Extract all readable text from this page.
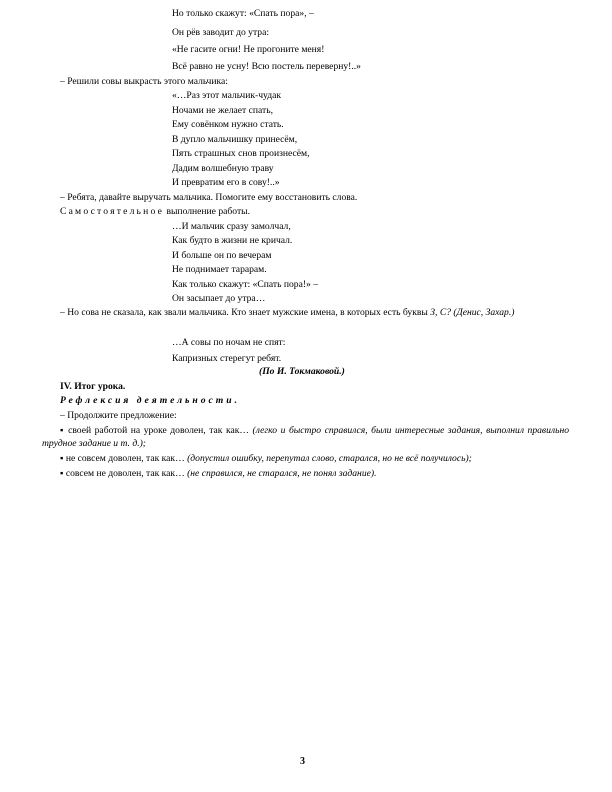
Но только скажут: «Спать пора», –
Он рёв заводит до утра:
«Не гасите огни! Не прогоните меня!
Всё равно не усну! Всю постель переверну!..»
– Решили совы выкрасть этого мальчика:
«…Раз этот мальчик-чудак
Ночами не желает спать,
Ему совёнком нужно стать.
В дупло мальчишку принесём,
Пять страшных снов произнесём,
Дадим волшебную траву
И превратим его в сову!..»
– Ребята, давайте выручать мальчика. Помогите ему восстановить слова.
Самостоятельное выполнение работы.
…И мальчик сразу замолчал,
Как будто в жизни не кричал.
И больше он по вечерам
Не поднимает тарарам.
Как только скажут: «Спать пора!» –
Он засыпает до утра…
– Но сова не сказала, как звали мальчика. Кто знает мужские имена, в которых есть буквы З, С? (Денис, Захар.)
…А совы по ночам не спят:
Капризных стерегут ребят.
(По И. Токмаковой.)
IV. Итог урока.
Рефлексия деятельности.
– Продолжите предложение:
▪ своей работой на уроке доволен, так как… (легко и быстро справился, были интересные задания, выполнил правильно трудное задание и т. д.);
▪ не совсем доволен, так как… (допустил ошибку, перепутал слово, старался, но не всё получилось);
▪ совсем не доволен, так как… (не справился, не старался, не понял задание).
3
